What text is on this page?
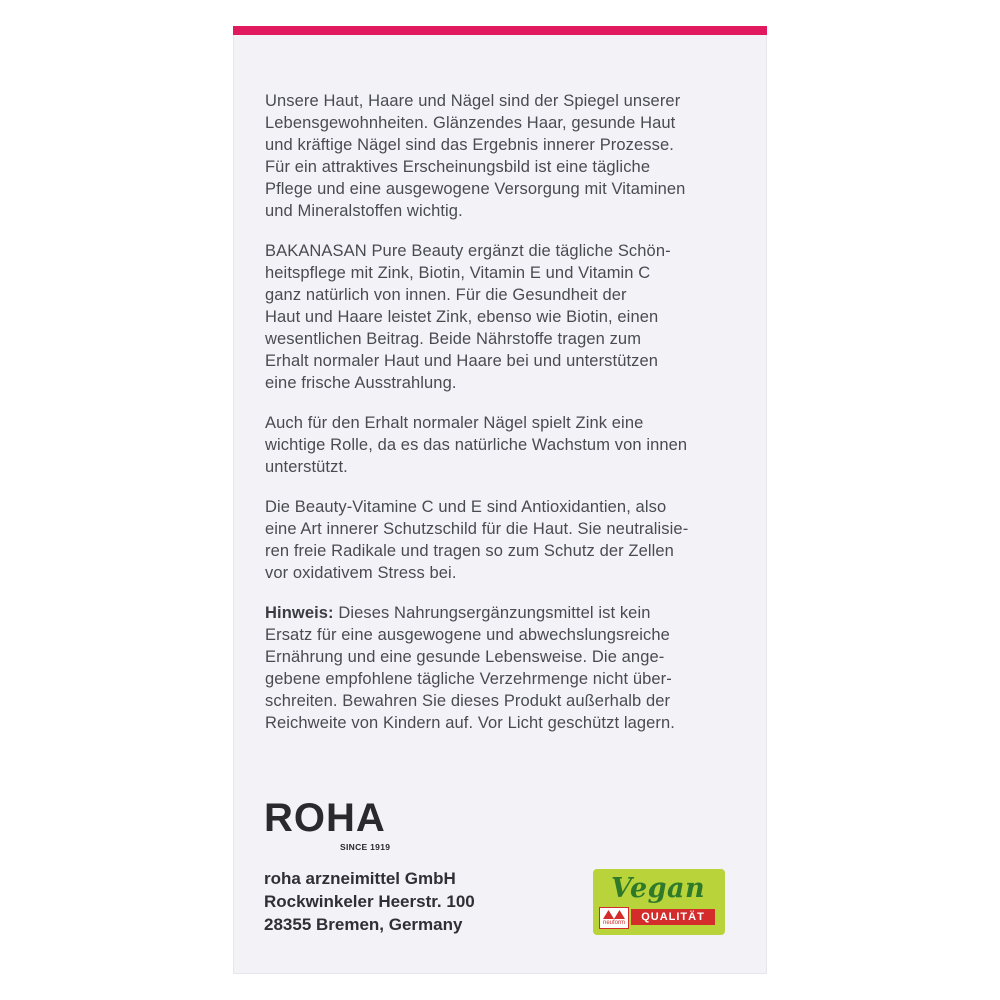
Unsere Haut, Haare und Nägel sind der Spiegel unserer
Lebensgewohnheiten. Glänzendes Haar, gesunde Haut
und kräftige Nägel sind das Ergebnis innerer Prozesse.
Für ein attraktives Erscheinungsbild ist eine tägliche
Pflege und eine ausgewogene Versorgung mit Vitaminen
und Mineralstoffen wichtig.

BAKANASAN Pure Beauty ergänzt die tägliche Schön-
heitspflege mit Zink, Biotin, Vitamin E und Vitamin C
ganz natürlich von innen. Für die Gesundheit der
Haut und Haare leistet Zink, ebenso wie Biotin, einen
wesentlichen Beitrag. Beide Nährstoffe tragen zum
Erhalt normaler Haut und Haare bei und unterstützen
eine frische Ausstrahlung.

Auch für den Erhalt normaler Nägel spielt Zink eine
wichtige Rolle, da es das natürliche Wachstum von innen
unterstützt.

Die Beauty-Vitamine C und E sind Antioxidantien, also
eine Art innerer Schutzschild für die Haut. Sie neutralisie-
ren freie Radikale und tragen so zum Schutz der Zellen
vor oxidativem Stress bei.

Hinweis: Dieses Nahrungsergänzungsmittel ist kein
Ersatz für eine ausgewogene und abwechslungsreiche
Ernährung und eine gesunde Lebensweise. Die ange-
gebene empfohlene tägliche Verzehrmenge nicht über-
schreiten. Bewahren Sie dieses Produkt außerhalb der
Reichweite von Kindern auf. Vor Licht geschützt lagern.

ROHA
SINCE 1919
roha arzneimittel GmbH
Rockwinkeler Heerstr. 100
28355 Bremen, Germany
Vegan
neuform	QUALITÄT
